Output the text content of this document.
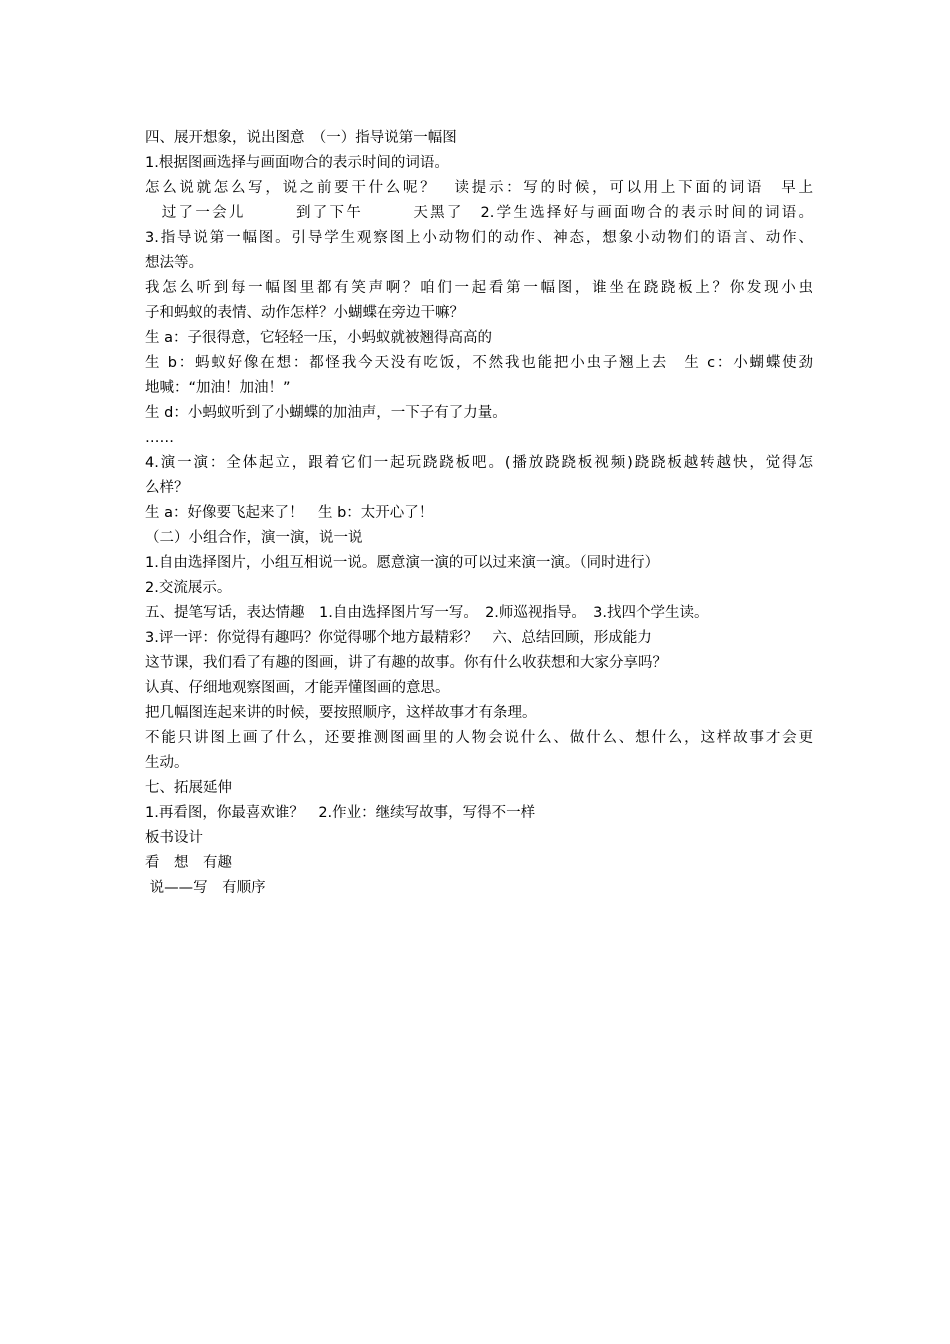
四、展开想象，说出图意　（一）指导说第一幅图
1.根据图画选择与画面吻合的表示时间的词语。
怎么说就怎么写，说之前要干什么呢？　读提示：写的时候，可以用上下面的词语　早上
　过了一会儿　　　到了下午　　　天黑了　2.学生选择好与画面吻合的表示时间的词语。
3.指导说第一幅图。引导学生观察图上小动物们的动作、神态，想象小动物们的语言、动作、
想法等。
我怎么听到每一幅图里都有笑声啊？咱们一起看第一幅图，谁坐在跷跷板上？你发现小虫
子和蚂蚁的表情、动作怎样？小蝴蝶在旁边干嘛？
生 a：子很得意，它轻轻一压，小蚂蚁就被翘得高高的
生 b：蚂蚁好像在想：都怪我今天没有吃饭，不然我也能把小虫子翘上去　生 c：小蝴蝶使劲
地喊：“加油！加油！”
生 d：小蚂蚁听到了小蝴蝶的加油声，一下子有了力量。
……
4.演一演：全体起立，跟着它们一起玩跷跷板吧。(播放跷跷板视频)跷跷板越转越快，觉得怎
么样？
生 a：好像要飞起来了！　生 b：太开心了！
（二）小组合作，演一演，说一说
1.自由选择图片，小组互相说一说。愿意演一演的可以过来演一演。（同时进行）
2.交流展示。
五、提笔写话，表达情趣　1.自由选择图片写一写。　2.师巡视指导。　3.找四个学生读。
3.评一评：你觉得有趣吗？你觉得哪个地方最精彩？　六、总结回顾，形成能力
这节课，我们看了有趣的图画，讲了有趣的故事。你有什么收获想和大家分享吗？
认真、仔细地观察图画，才能弄懂图画的意思。
把几幅图连起来讲的时候，要按照顺序，这样故事才有条理。
不能只讲图上画了什么，还要推测图画里的人物会说什么、做什么、想什么，这样故事才会更
生动。
七、拓展延伸
1.再看图，你最喜欢谁？　2.作业：继续写故事，写得不一样
板书设计
看　想　有趣
说——写　有顺序
